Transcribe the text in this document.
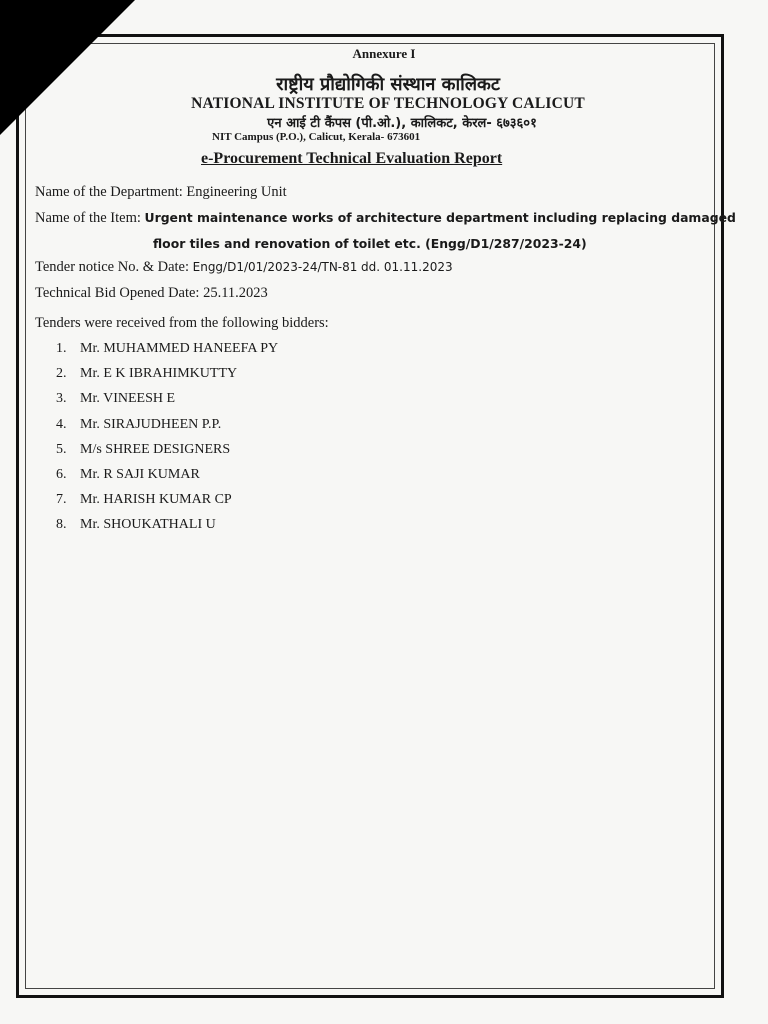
Annexure I
राष्ट्रीय प्रौद्योगिकी संस्थान कालिकट
NATIONAL INSTITUTE OF TECHNOLOGY CALICUT
एन आई टी कैंपस (पी.ओ.), कालिकट, केरल- ६७३६०१
NIT Campus (P.O.), Calicut, Kerala- 673601
e-Procurement Technical Evaluation Report
Name of the Department: Engineering Unit
Name of the Item: Urgent maintenance works of architecture department including replacing damaged
floor tiles and renovation of toilet etc. (Engg/D1/287/2023-24)
Tender notice No. & Date: Engg/D1/01/2023-24/TN-81 dd. 01.11.2023
Technical Bid Opened Date: 25.11.2023
Tenders were received from the following bidders:
1. Mr. MUHAMMED HANEEFA PY
2. Mr. E K IBRAHIMKUTTY
3. Mr. VINEESH E
4. Mr. SIRAJUDHEEN P.P.
5. M/s SHREE DESIGNERS
6. Mr. R SAJI KUMAR
7. Mr. HARISH KUMAR CP
8. Mr. SHOUKATHALI U
